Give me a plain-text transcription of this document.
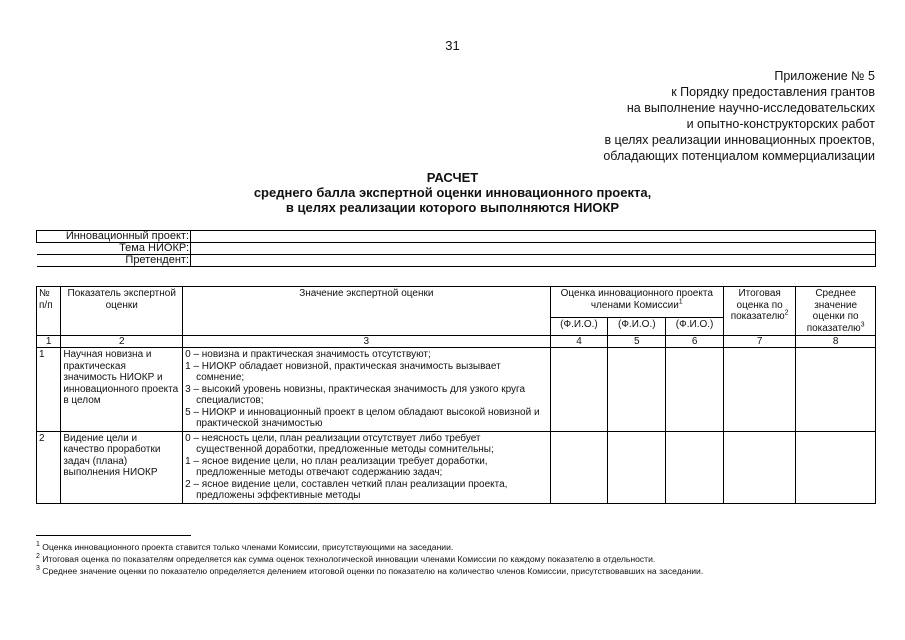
31
Приложение № 5
к Порядку предоставления грантов
на выполнение научно-исследовательских
и опытно-конструкторских работ
в целях реализации инновационных проектов,
обладающих потенциалом коммерциализации
РАСЧЕТ
среднего балла экспертной оценки инновационного проекта,
в целях реализации которого выполняются НИОКР
Инновационный проект:	
Тема НИОКР:	
Претендент:	
№ п/п	Показатель экспертной оценки	Значение экспертной оценки	Оценка инновационного проекта членами Комиссии$^1$			Итоговая оценка по показателю$^2$	Среднее значение оценки по показателю$^3$
			(Ф.И.О.)	(Ф.И.О.)	(Ф.И.О.)		
1	2	3	4	5	6	7	8
1	Научная новизна и практическая значимость НИОКР и инновационного проекта в целом	0 – новизна и практическая значимость отсутствуют;
1 – НИОКР обладает новизной, практическая значимость вызывает сомнение;
3 – высокий уровень новизны, практическая значимость для узкого круга специалистов;
5 – НИОКР и инновационный проект в целом обладают высокой новизной и практической значимостью					

2	Видение цели и качество проработки задач (плана) выполнения НИОКР	0 – неясность цели, план реализации отсутствует либо требует существенной доработки, предложенные методы сомнительны;
1 – ясное видение цели, но план реализации требует доработки, предложенные методы отвечают содержанию задач;
2 – ясное видение цели, составлен четкий план реализации проекта, предложены эффективные методы					

$^1$ Оценка инновационного проекта ставится только членами Комиссии, присутствующими на заседании.
$^2$ Итоговая оценка по показателям определяется как сумма оценок технологической инновации членами Комиссии по каждому показателю в отдельности.
$^3$ Среднее значение оценки по показателю определяется делением итоговой оценки по показателю на количество членов Комиссии, присутствовавших на заседании.
